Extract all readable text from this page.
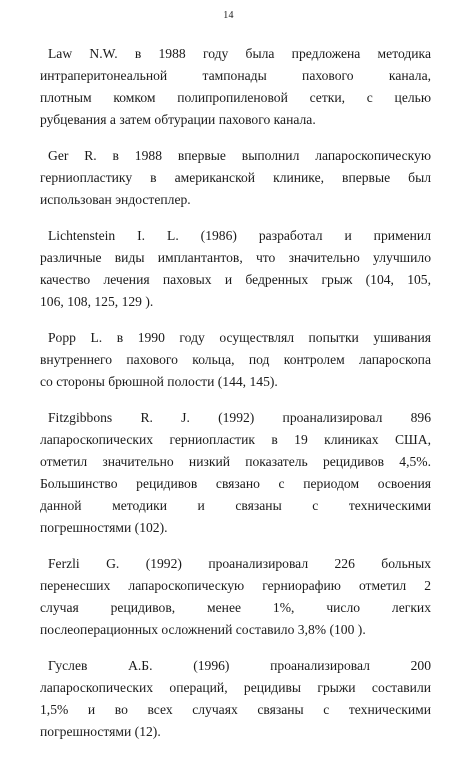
14
Law N.W. в 1988 году была предложена методика
интраперитонеальной тампонады пахового канала,
плотным комком полипропиленовой сетки, с целью
рубцевания а затем обтурации пахового канала.
Ger R. в 1988 впервые выполнил лапароскопическую
герниопластику в американской клинике, впервые был
использован эндостеплер.
Lichtenstein I. L. (1986) разработал и применил
различные виды имплантантов, что значительно улучшило
качество лечения паховых и бедренных грыж (104, 105,
106, 108, 125, 129 ).
Popp L. в 1990 году осуществлял попытки ушивания
внутреннего пахового кольца, под контролем лапароскопа
со стороны брюшной полости (144, 145).
Fitzgibbons R. J. (1992) проанализировал 896
лапароскопических герниопластик в 19 клиниках США,
отметил значительно низкий показатель рецидивов 4,5%.
Большинство рецидивов связано с периодом освоения
данной методики и связаны с техническими
погрешностями (102).
Ferzli G. (1992) проанализировал 226 больных
перенесших лапароскопическую герниорафию отметил 2
случая рецидивов, менее 1%, число легких
послеоперационных осложнений составило 3,8% (100 ).
Гуслев А.Б. (1996) проанализировал 200
лапароскопических операций, рецидивы грыжи составили
1,5% и во всех случаях связаны с техническими
погрешностями (12).
